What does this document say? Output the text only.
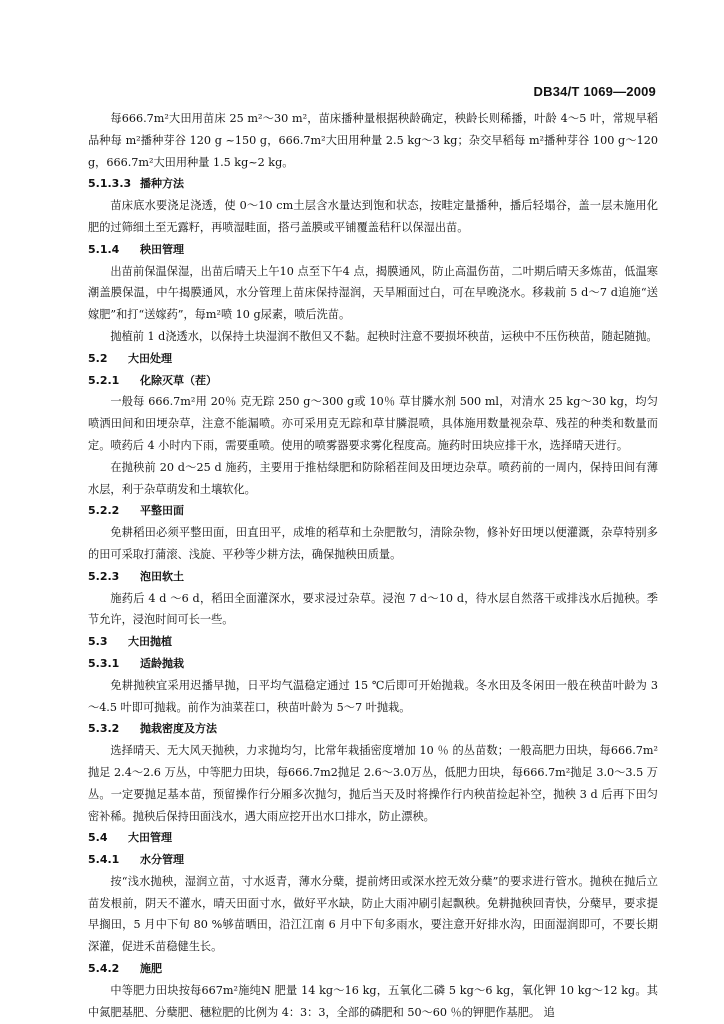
DB34/T 1069—2009

每666.7m²大田用苗床 25 m²～30 m²，苗床播种量根据秧龄确定，秧龄长则稀播，叶龄 4～5 叶，常规早稻品种每 m²播种芽谷 120 g ~150 g，666.7m²大田用种量 2.5 kg～3 kg；杂交早稻每 m²播种芽谷 100 g～120 g，666.7m²大田用种量 1.5 kg~2 kg。

5.1.3.3 播种方法

苗床底水要浇足浇透，使 0～10 cm土层含水量达到饱和状态，按畦定量播种，播后轻塌谷，盖一层未施用化肥的过筛细土至无露籽，再喷湿畦面，搭弓盖膜或平铺覆盖秸秆以保湿出苗。

5.1.4 秧田管理

出苗前保温保湿，出苗后晴天上午10 点至下午4 点，揭膜通风，防止高温伤苗，二叶期后晴天多炼苗，低温寒潮盖膜保温，中午揭膜通风，水分管理上苗床保持湿润，天旱厢面过白，可在早晚浇水。移栽前 5 d～7 d追施“送嫁肥”和打“送嫁药”，每m²喷 10 g尿素，喷后洗苗。

抛植前 1 d浇透水，以保持土块湿润不散但又不黏。起秧时注意不要损坏秧苗，运秧中不压伤秧苗，随起随抛。

5.2 大田处理
5.2.1 化除灭草（茬）

一般每 666.7m²用 20％ 克无踪 250 g～300 g或 10％ 草甘膦水剂 500 ml，对清水 25 kg～30 kg，均匀喷洒田间和田埂杂草，注意不能漏喷。亦可采用克无踪和草甘膦混喷，具体施用数量视杂草、残茬的种类和数量而定。喷药后 4 小时内下雨，需要重喷。使用的喷雾器要求雾化程度高。施药时田块应排干水，选择晴天进行。

在抛秧前 20 d～25 d 施药，主要用于推枯绿肥和防除稻茬间及田埂边杂草。喷药前的一周内，保持田间有薄水层，利于杂草萌发和土壤软化。

5.2.2 平整田面

免耕稻田必须平整田面，田直田平，成堆的稻草和土杂肥散匀，清除杂物，修补好田埂以便灌溉，杂草特别多的田可采取打蒲滚、浅旋、平秒等少耕方法，确保抛秧田质量。

5.2.3 泡田软土

施药后 4 d ～6 d，稻田全面灌深水，要求浸过杂草。浸泡 7 d～10 d，待水层自然落干或排浅水后抛秧。季节允许，浸泡时间可长一些。

5.3 大田抛植
5.3.1 适龄抛栽

免耕抛秧宜采用迟播早抛，日平均气温稳定通过 15 ℃后即可开始抛栽。冬水田及冬闲田一般在秧苗叶龄为 3～4.5 叶即可抛栽。前作为油菜茬口，秧苗叶龄为 5～7 叶抛栽。

5.3.2 抛栽密度及方法

选择晴天、无大风天抛秧，力求抛均匀，比常年栽插密度增加 10 ％ 的丛苗数；一般高肥力田块，每666.7m²抛足 2.4～2.6 万丛，中等肥力田块，每666.7m2抛足 2.6～3.0万丛，低肥力田块，每666.7m²抛足 3.0～3.5 万丛。一定要抛足基本苗，预留操作行分厢多次抛匀，抛后当天及时将操作行内秧苗捡起补空，抛秧 3 d 后再下田匀密补稀。抛秧后保持田面浅水，遇大雨应挖开出水口排水，防止漂秧。

5.4 大田管理
5.4.1 水分管理

按“浅水抛秧，湿润立苗，寸水返青，薄水分蘖，提前烤田或深水控无效分蘖”的要求进行管水。抛秧在抛后立苗发根前，阴天不灌水，晴天田面寸水，做好平水缺，防止大雨冲刷引起飘秧。免耕抛秧回青快，分蘖早，要求提早搁田，5 月中下旬 80 %够苗晒田，沿江江南 6 月中下旬多雨水，要注意开好排水沟，田面湿润即可，不要长期深灌，促进禾苗稳健生长。

5.4.2 施肥

中等肥力田块按每667m²施纯N 肥量 14 kg～16 kg，五氧化二磷 5 kg～6 kg，氧化钾 10 kg～12 kg。其中氮肥基肥、分蘖肥、穗粒肥的比例为 4：3：3，全部的磷肥和 50～60 ％的钾肥作基肥。 追
